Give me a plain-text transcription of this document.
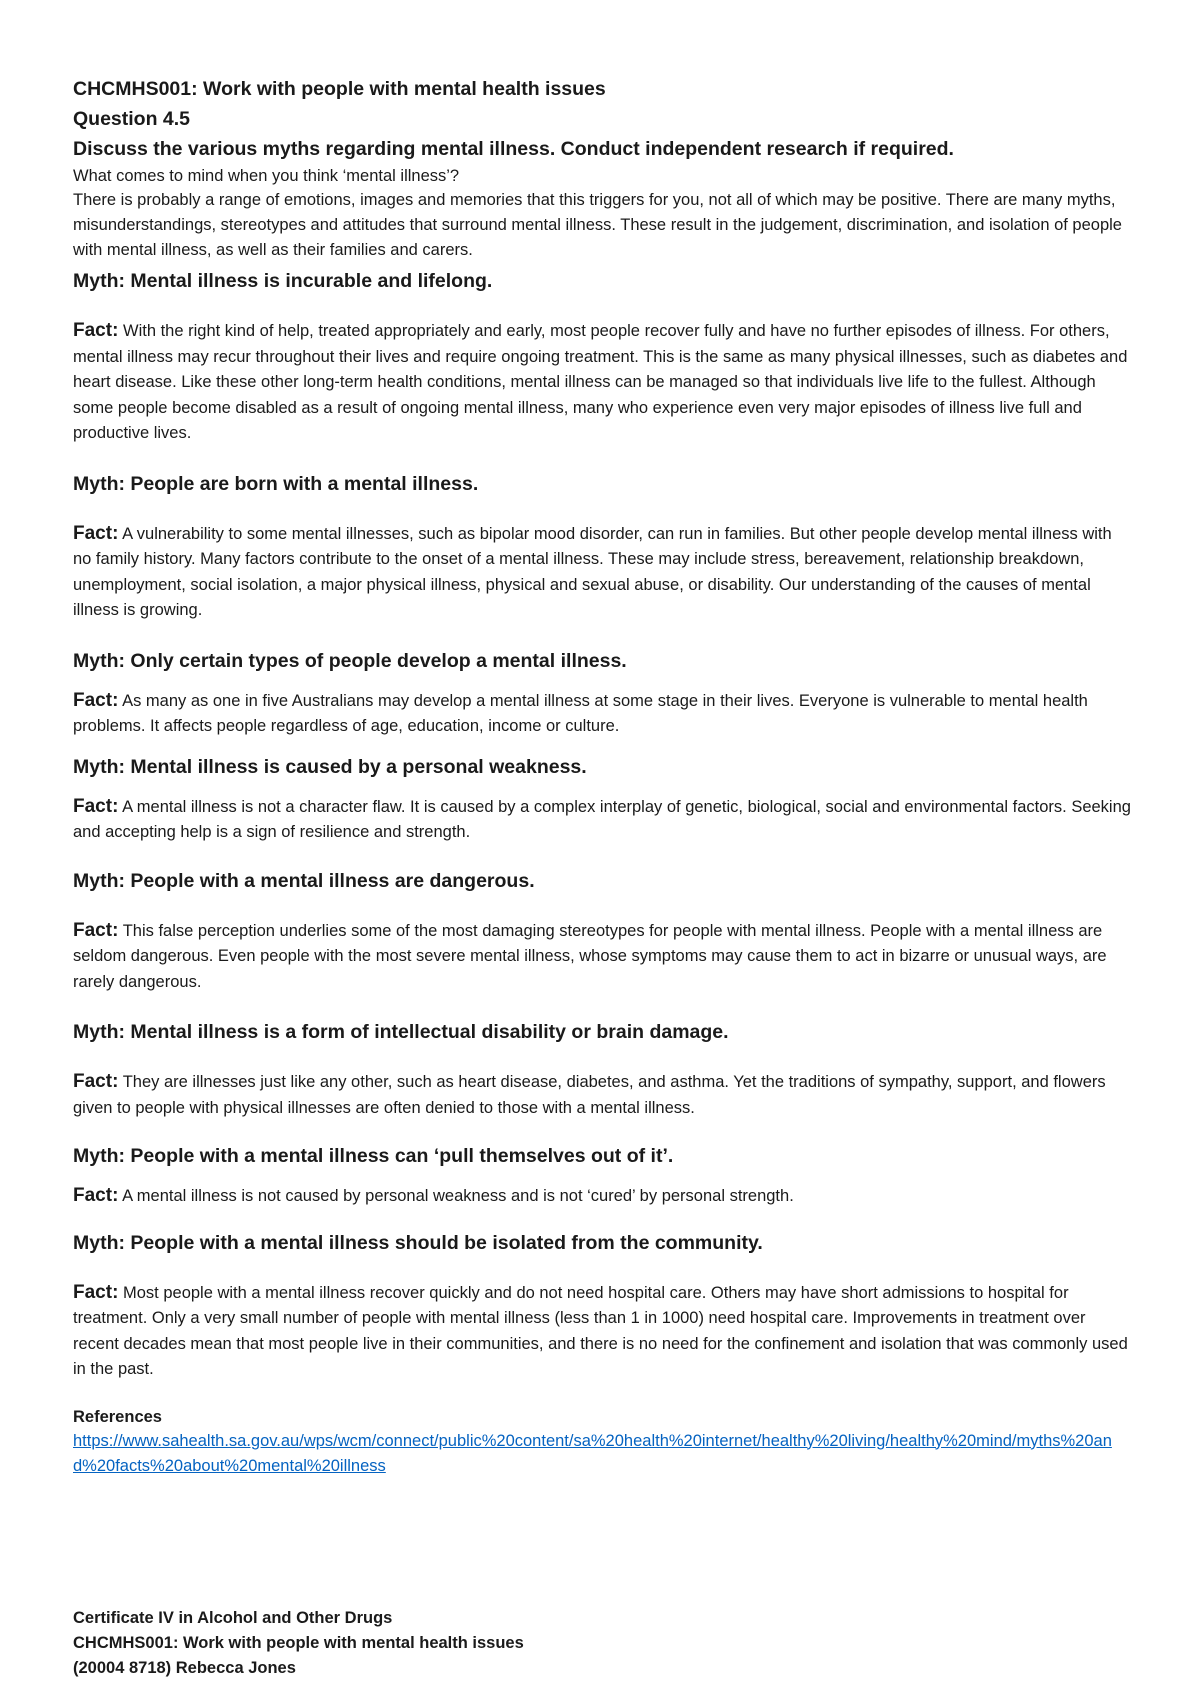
CHCMHS001: Work with people with mental health issues
Question 4.5
Discuss the various myths regarding mental illness. Conduct independent research if required.
What comes to mind when you think ‘mental illness’?
There is probably a range of emotions, images and memories that this triggers for you, not all of which may be positive. There are many myths, misunderstandings, stereotypes and attitudes that surround mental illness. These result in the judgement, discrimination, and isolation of people with mental illness, as well as their families and carers.
Myth: Mental illness is incurable and lifelong.
Fact: With the right kind of help, treated appropriately and early, most people recover fully and have no further episodes of illness. For others, mental illness may recur throughout their lives and require ongoing treatment. This is the same as many physical illnesses, such as diabetes and heart disease. Like these other long-term health conditions, mental illness can be managed so that individuals live life to the fullest. Although some people become disabled as a result of ongoing mental illness, many who experience even very major episodes of illness live full and productive lives.
Myth: People are born with a mental illness.
Fact: A vulnerability to some mental illnesses, such as bipolar mood disorder, can run in families. But other people develop mental illness with no family history. Many factors contribute to the onset of a mental illness. These may include stress, bereavement, relationship breakdown, unemployment, social isolation, a major physical illness, physical and sexual abuse, or disability. Our understanding of the causes of mental illness is growing.
Myth: Only certain types of people develop a mental illness.
Fact: As many as one in five Australians may develop a mental illness at some stage in their lives. Everyone is vulnerable to mental health problems. It affects people regardless of age, education, income or culture.
Myth: Mental illness is caused by a personal weakness.
Fact: A mental illness is not a character flaw. It is caused by a complex interplay of genetic, biological, social and environmental factors. Seeking and accepting help is a sign of resilience and strength.
Myth: People with a mental illness are dangerous.
Fact: This false perception underlies some of the most damaging stereotypes for people with mental illness. People with a mental illness are seldom dangerous. Even people with the most severe mental illness, whose symptoms may cause them to act in bizarre or unusual ways, are rarely dangerous.
Myth: Mental illness is a form of intellectual disability or brain damage.
Fact: They are illnesses just like any other, such as heart disease, diabetes, and asthma. Yet the traditions of sympathy, support, and flowers given to people with physical illnesses are often denied to those with a mental illness.
Myth: People with a mental illness can ‘pull themselves out of it’.
Fact: A mental illness is not caused by personal weakness and is not ‘cured’ by personal strength.
Myth: People with a mental illness should be isolated from the community.
Fact: Most people with a mental illness recover quickly and do not need hospital care. Others may have short admissions to hospital for treatment. Only a very small number of people with mental illness (less than 1 in 1000) need hospital care. Improvements in treatment over recent decades mean that most people live in their communities, and there is no need for the confinement and isolation that was commonly used in the past.
References
https://www.sahealth.sa.gov.au/wps/wcm/connect/public%20content/sa%20health%20internet/healthy%20living/healthy%20mind/myths%20and%20facts%20about%20mental%20illness
Certificate IV in Alcohol and Other Drugs
CHCMHS001: Work with people with mental health issues
(20004 8718) Rebecca Jones
